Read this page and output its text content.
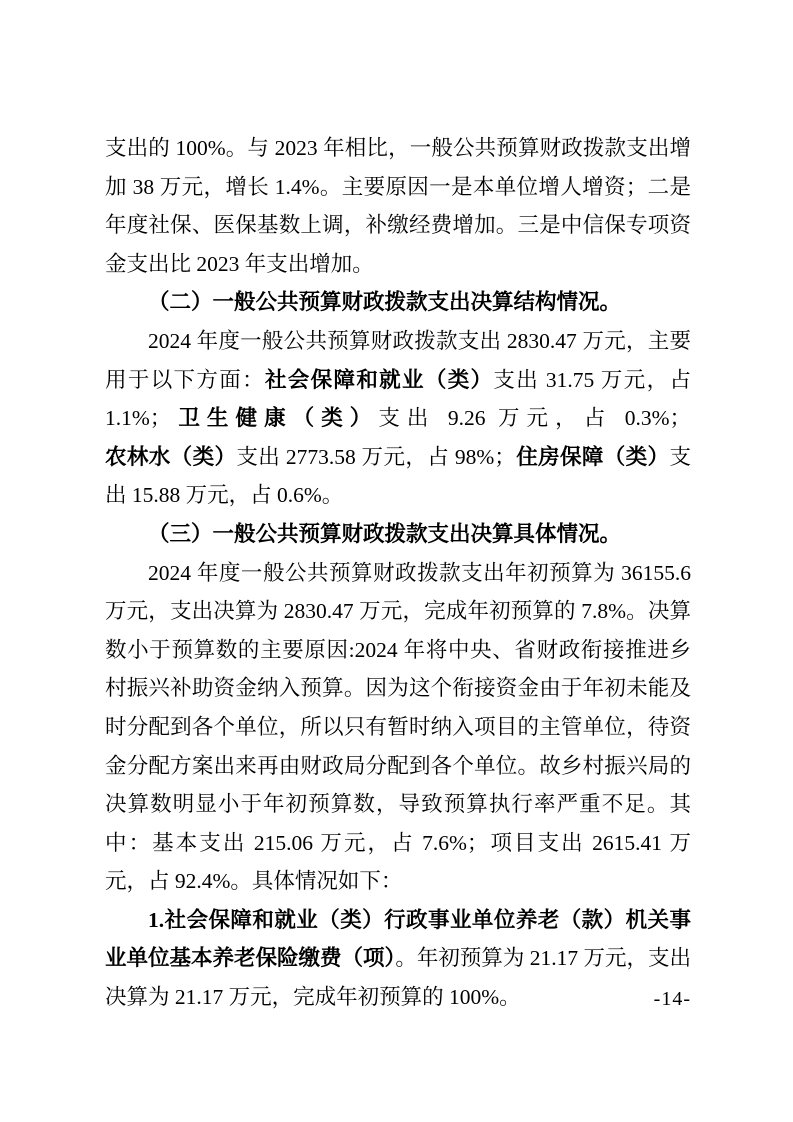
支出的 100%。与 2023 年相比，一般公共预算财政拨款支出增加 38 万元，增长 1.4%。主要原因一是本单位增人增资；二是年度社保、医保基数上调，补缴经费增加。三是中信保专项资金支出比 2023 年支出增加。

（二）一般公共预算财政拨款支出决算结构情况。

2024 年度一般公共预算财政拨款支出 2830.47 万元，主要用于以下方面：社会保障和就业（类）支出 31.75 万元，占 1.1%；卫生健康（类）支出 9.26 万元，占 0.3%；农林水（类）支出 2773.58 万元，占 98%；住房保障（类）支出 15.88 万元，占 0.6%。

（三）一般公共预算财政拨款支出决算具体情况。

2024 年度一般公共预算财政拨款支出年初预算为 36155.6 万元，支出决算为 2830.47 万元，完成年初预算的 7.8%。决算数小于预算数的主要原因:2024 年将中央、省财政衔接推进乡村振兴补助资金纳入预算。因为这个衔接资金由于年初未能及时分配到各个单位，所以只有暂时纳入项目的主管单位，待资金分配方案出来再由财政局分配到各个单位。故乡村振兴局的决算数明显小于年初预算数，导致预算执行率严重不足。其中：基本支出 215.06 万元，占 7.6%；项目支出 2615.41 万元，占 92.4%。具体情况如下：

1.社会保障和就业（类）行政事业单位养老（款）机关事业单位基本养老保险缴费（项）。年初预算为 21.17 万元，支出决算为 21.17 万元，完成年初预算的 100%。	-14-
